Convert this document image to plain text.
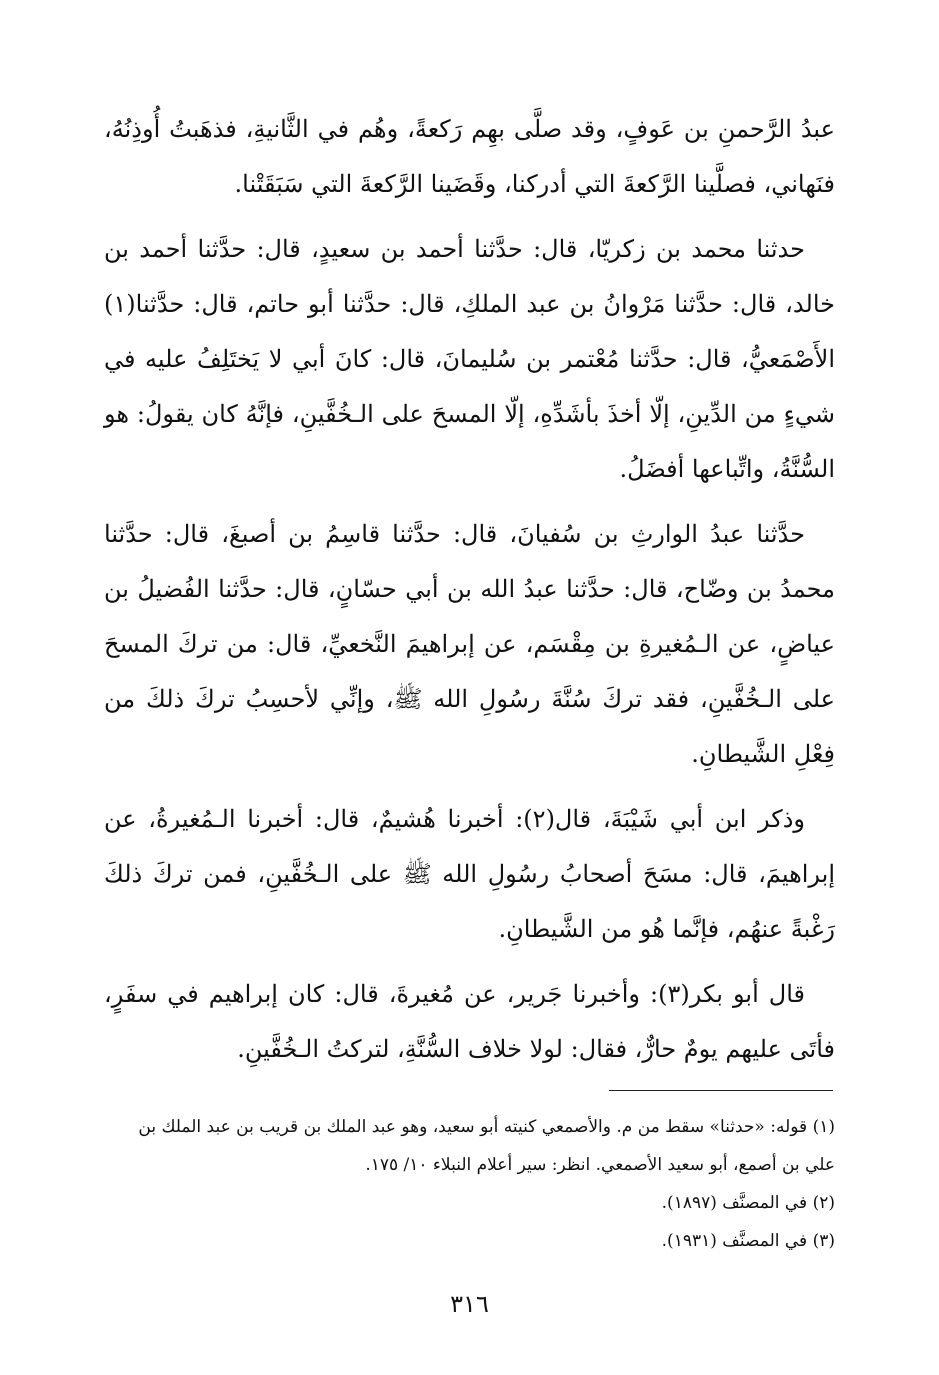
عبدُ الرَّحمنِ بن عَوفٍ، وقد صلَّى بهِم رَكعةً، وهُم في الثَّانيةِ، فذهَبتُ أُوذِنُهُ، فنَهاني، فصلَّينا الرَّكعةَ التي أدركنا، وقَضَينا الرَّكعةَ التي سَبَقَتْنا.

حدثنا محمد بن زكريّا، قال: حدَّثنا أحمد بن سعيدٍ، قال: حدَّثنا أحمد بن خالد، قال: حدَّثنا مَرْوانُ بن عبد الملكِ، قال: حدَّثنا أبو حاتم، قال: حدَّثنا(١) الأَصْمَعيُّ، قال: حدَّثنا مُعْتمر بن سُليمانَ، قال: كانَ أبي لا يَختَلِفُ عليه في شيءٍ من الدِّينِ، إلّا أخذَ بأشَدِّهِ، إلّا المسحَ على الـخُفَّينِ، فإنَّهُ كان يقولُ: هو السُّنَّةُ، واتِّباعها أفضَلُ.

حدَّثنا عبدُ الوارثِ بن سُفيانَ، قال: حدَّثنا قاسِمُ بن أصبغَ، قال: حدَّثنا محمدُ بن وضّاح، قال: حدَّثنا عبدُ الله بن أبي حسّانٍ، قال: حدَّثنا الفُضيلُ بن عياضٍ، عن الـمُغيرةِ بن مِقْسَم، عن إبراهيمَ النَّخعيِّ، قال: من تركَ المسحَ على الـخُفَّينِ، فقد تركَ سُنَّةَ رسُولِ الله ﷺ، وإنِّي لأحسِبُ تركَ ذلكَ من فِعْلِ الشَّيطانِ.

وذكر ابن أبي شَيْبَةَ، قال(٢): أخبرنا هُشيمٌ، قال: أخبرنا الـمُغيرةُ، عن إبراهيمَ، قال: مسَحَ أصحابُ رسُولِ الله ﷺ على الـخُفَّينِ، فمن تركَ ذلكَ رَغْبةً عنهُم، فإنَّما هُو من الشَّيطانِ.

قال أبو بكر(٣): وأخبرنا جَرير، عن مُغيرةَ، قال: كان إبراهيم في سفَرٍ، فأتَى عليهم يومٌ حارٌّ، فقال: لولا خلاف السُّنَّةِ، لتركتُ الـخُفَّينِ.

(١) قوله: «حدثنا» سقط من م. والأصمعي كنيته أبو سعيد، وهو عبد الملك بن قريب بن عبد الملك بن علي بن أصمع، أبو سعيد الأصمعي. انظر: سير أعلام النبلاء ١٠/ ١٧٥.

(٢) في المصنَّف (١٨٩٧).

(٣) في المصنَّف (١٩٣١).

٣١٦
